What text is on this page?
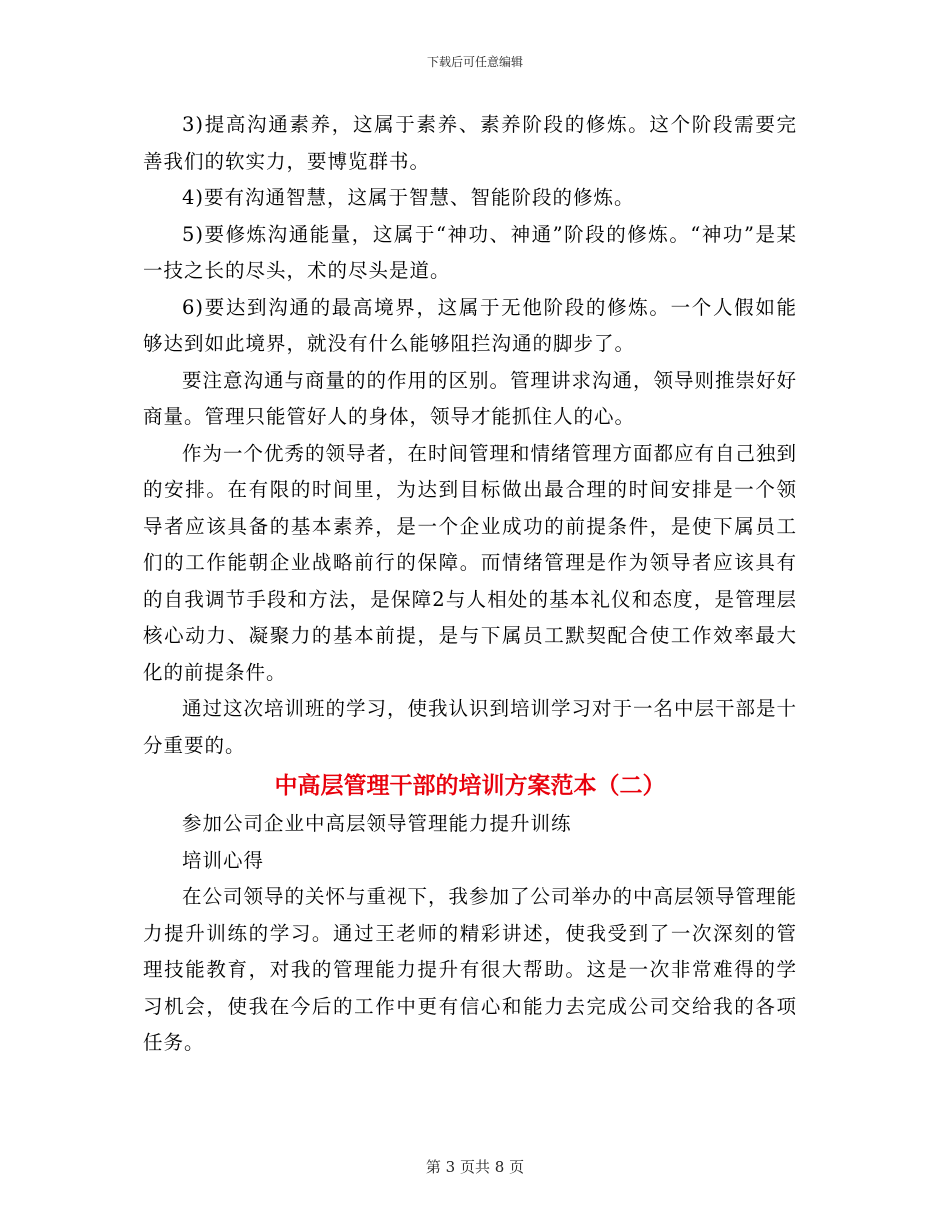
下载后可任意编辑

3)提高沟通素养，这属于素养、素养阶段的修炼。这个阶段需要完善我们的软实力，要博览群书。

4)要有沟通智慧，这属于智慧、智能阶段的修炼。

5)要修炼沟通能量，这属于“神功、神通”阶段的修炼。“神功”是某一技之长的尽头，术的尽头是道。

6)要达到沟通的最高境界，这属于无他阶段的修炼。一个人假如能够达到如此境界，就没有什么能够阻拦沟通的脚步了。

要注意沟通与商量的的作用的区别。管理讲求沟通，领导则推崇好好商量。管理只能管好人的身体，领导才能抓住人的心。

作为一个优秀的领导者，在时间管理和情绪管理方面都应有自己独到的安排。在有限的时间里，为达到目标做出最合理的时间安排是一个领导者应该具备的基本素养，是一个企业成功的前提条件，是使下属员工们的工作能朝企业战略前行的保障。而情绪管理是作为领导者应该具有的自我调节手段和方法，是保障2与人相处的基本礼仪和态度，是管理层核心动力、凝聚力的基本前提，是与下属员工默契配合使工作效率最大化的前提条件。

通过这次培训班的学习，使我认识到培训学习对于一名中层干部是十分重要的。

中高层管理干部的培训方案范本（二）

参加公司企业中高层领导管理能力提升训练

培训心得

在公司领导的关怀与重视下，我参加了公司举办的中高层领导管理能力提升训练的学习。通过王老师的精彩讲述，使我受到了一次深刻的管理技能教育，对我的管理能力提升有很大帮助。这是一次非常难得的学习机会，使我在今后的工作中更有信心和能力去完成公司交给我的各项任务。

第 3 页共 8 页
